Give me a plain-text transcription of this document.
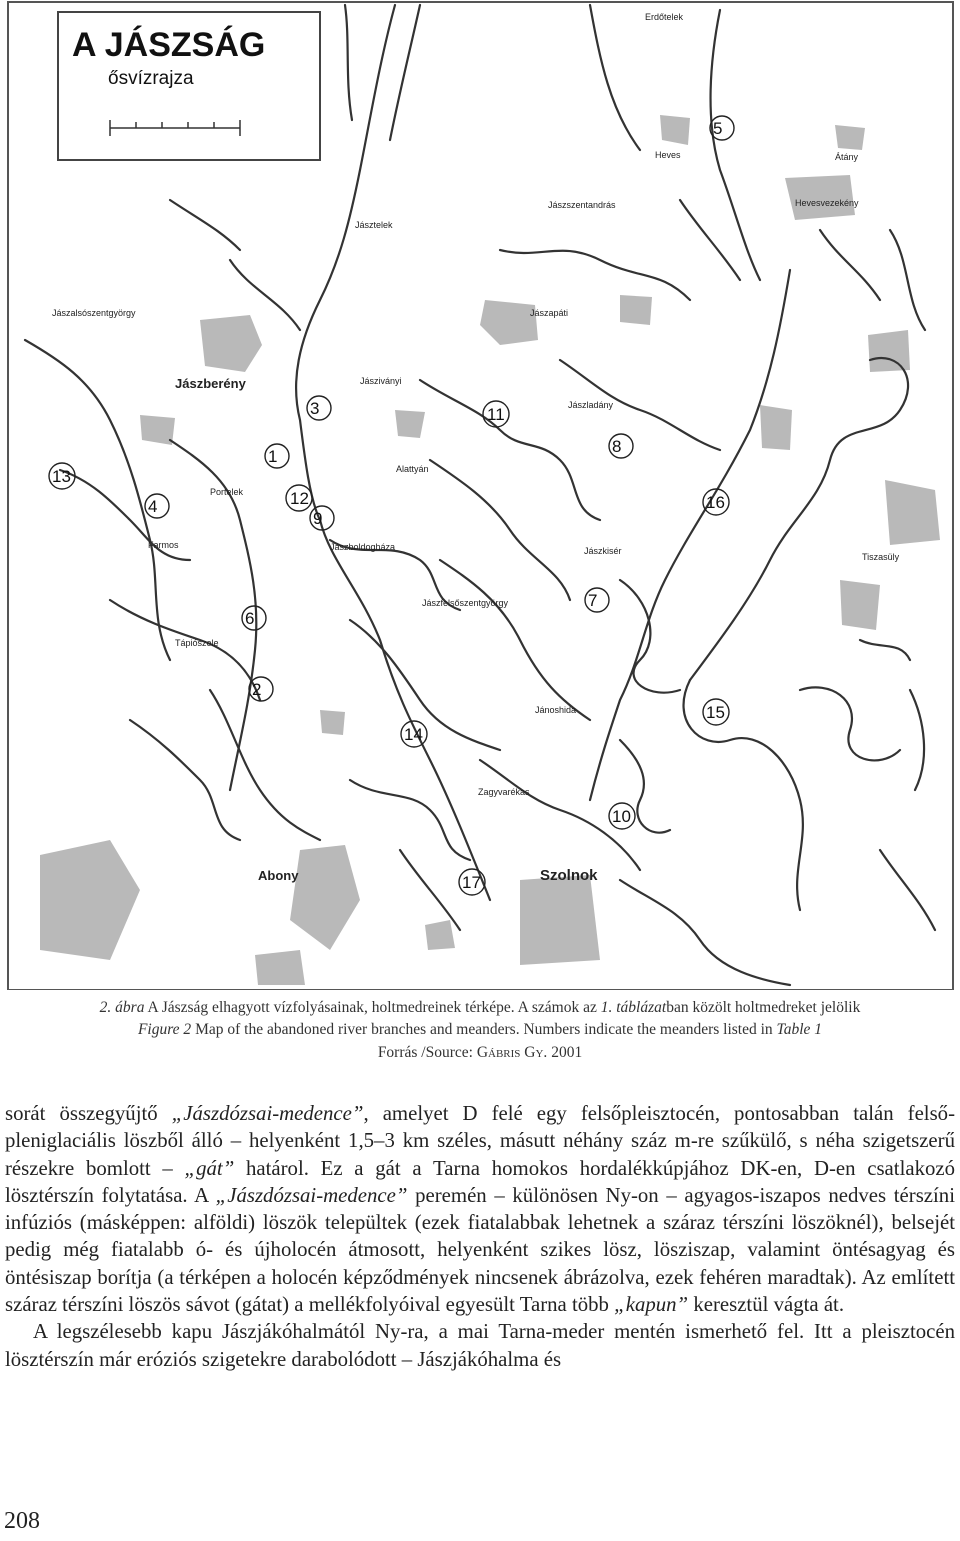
A JÁSZSÁG
ősvízrajza
Erdőtelek
Heves	Átány
Jászszentandrás	Hevesvezekény
Jásztelek
Jászapáti
Jászladány
Jászalsószentgyörgy
Jásziványi
Jászboldogháza
Jászfelsőszentgyörgy
Alattyán
Jászberény
Portelek
Farmos
Tápiószele
Tiszasüly
Szolnok
Abony
Zagyvarékas
Jászkisér
Jánoshida
1
2
3
4
5
6
7
8
9
10
11
12
13
14
15
16
17
2. ábra A Jászság elhagyott vízfolyásainak, holtmedreinek térképe. A számok az 1. táblázatban közölt holtmedreket jelölik
Figure 2 Map of the abandoned river branches and meanders. Numbers indicate the meanders listed in Table 1
Forrás /Source: Gábris Gy. 2001

sorát összegyűjtő „Jászdózsai-medence”, amelyet D felé egy felsőpleisztocén, pontosabban talán felső-pleniglaciális löszből álló – helyenként 1,5–3 km széles, másutt néhány száz m-re szűkülő, s néha szigetszerű részekre bomlott – „gát” határol. Ez a gát a Tarna homokos hordalékkúpjához DK-en, D-en csatlakozó lösztérszín folytatása. A „Jászdózsai-medence” peremén – különösen Ny-on – agyagos-iszapos nedves térszíni infúziós (másképpen: alföldi) löszök települtek (ezek fiatalabbak lehetnek a száraz térszíni löszöknél), belsejét pedig még fiatalabb ó- és újholocén átmosott, helyenként szikes lösz, lösziszap, valamint öntésagyag és öntésiszap borítja (a térképen a holocén képződmények nincsenek ábrázolva, ezek fehéren maradtak). Az említett száraz térszíni löszös sávot (gátat) a mellékfolyóival egyesült Tarna több „kapun” keresztül vágta át.

A legszélesebb kapu Jászjákóhalmától Ny-ra, a mai Tarna-meder mentén ismerhető fel. Itt a pleisztocén lösztérszín már eróziós szigetekre darabolódott – Jászjákóhalma és

208
